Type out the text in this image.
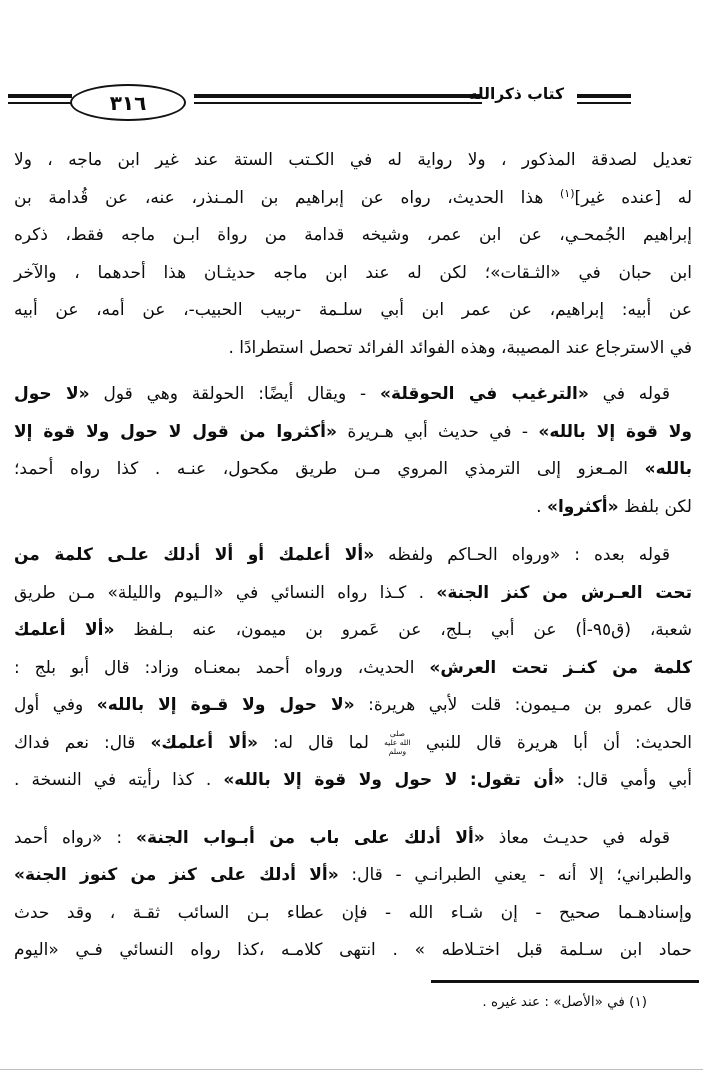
٣١٦	كتاب ذكرالله
تعديل لصدقة المذكور ، ولا رواية له في الكـتب الستة عند غير ابن ماجه ، ولا
له [عنده غير]$^{(١)}$ هذا الحديث، رواه عن إبراهيم بن المـنذر، عنه، عن قُدامة بن
إبراهيم الجُمحـي، عن ابن عمر، وشيخه قدامة من رواة ابـن ماجه فقط، ذكره
ابن حبان في «الثـقات»؛ لكن له عند ابن ماجه حديثـان هذا أحدهما ، والآخر
عن أبيه: إبراهيم، عن عمر ابن أبي سلـمة -ربيب الحبيب-، عن أمه، عن أبيه
في الاسترجاع عند المصيبة، وهذه الفوائد الفرائد تحصل استطرادًا .
قوله في «الترغيب في الحوقلة» - ويقال أيضًا: الحولقة وهي قول «لا حول
ولا قوة إلا بالله» - في حديث أبي هـريرة «أكثروا من قول لا حول ولا قوة إلا
بالله» المـعزو إلى الترمذي المروي مـن طريق مكحول، عنـه . كذا رواه أحمد؛
لكن بلفظ «أكثروا» .
قوله بعده : «ورواه الحـاكم ولفظه «ألا أعلمك أو ألا أدلك علـى كلمة من
تحت العـرش من كنز الجنة» . كـذا رواه النسائي في «الـيوم والليلة» مـن طريق
شعبة، (ق٩٥-أ) عن أبي بـلج، عن عَمرو بن ميمون، عنه بـلفظ «ألا أعلمك
كلمة من كنـز تحت العرش» الحديث، ورواه أحمد بمعنـاه وزاد: قال أبو بلج :
قال عمرو بن مـيمون: قلت لأبي هريرة: «لا حول ولا قـوة إلا بالله» وفي أول
الحديث: أن أبا هريرة قال للنبي صلى الله عليه وسلم لما قال له: «ألا أعلمك» قال: نعم فداك
أبي وأمي قال: «أن تقول: لا حول ولا قوة إلا بالله» . كذا رأيته في النسخة .
قوله في حديـث معاذ «ألا أدلك على باب من أبـواب الجنة» : «رواه أحمد
والطبراني؛ إلا أنه - يعني الطبرانـي - قال: «ألا أدلك على كنز من كنوز الجنة»
وإسنادهـما صحيح - إن شـاء الله - فإن عطاء بـن السائب ثقـة ، وقد حدث
حماد ابن سـلمة قبل اختـلاطه » . انتهى كلامـه ،كذا رواه النسائي فـي «اليوم
(١) في «الأصل» : عند غيره .
